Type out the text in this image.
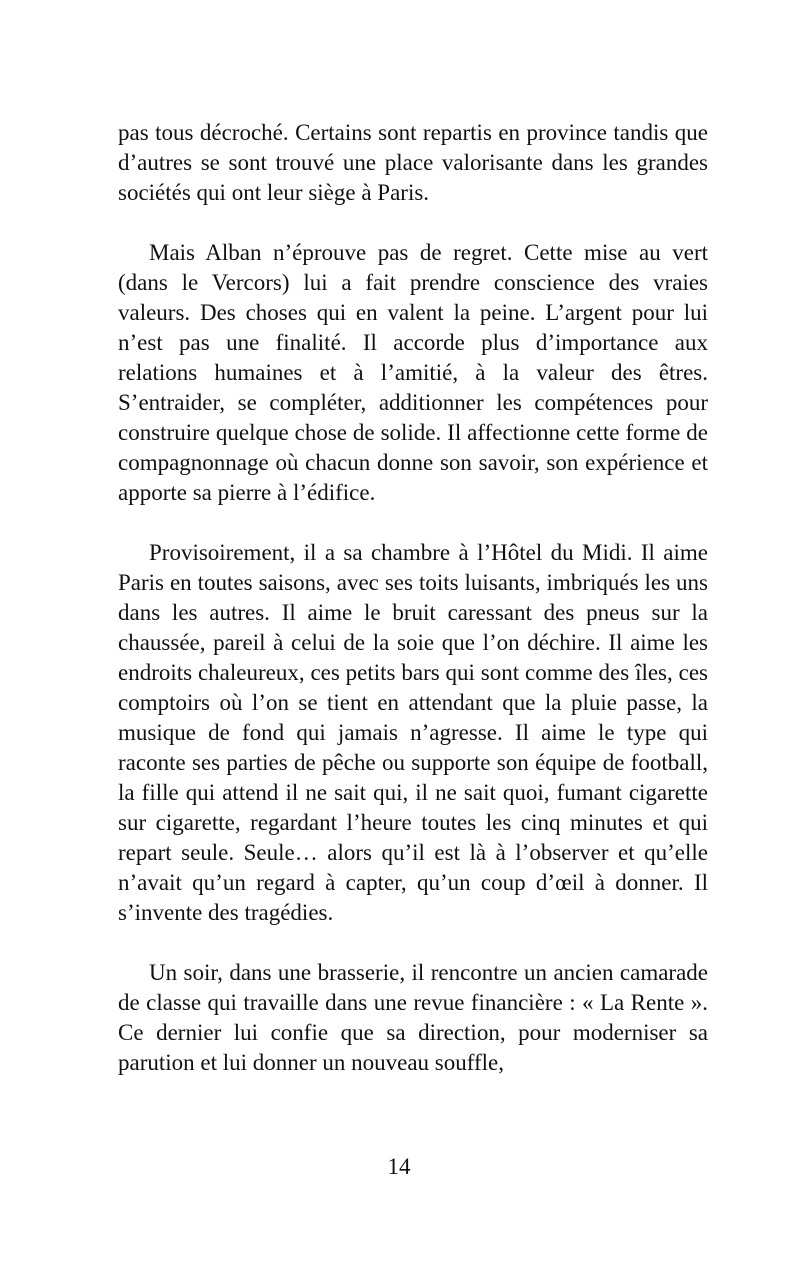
pas tous décroché. Certains sont repartis en province tandis que d’autres se sont trouvé une place valorisante dans les grandes sociétés qui ont leur siège à Paris.

Mais Alban n’éprouve pas de regret. Cette mise au vert (dans le Vercors) lui a fait prendre conscience des vraies valeurs. Des choses qui en valent la peine. L’argent pour lui n’est pas une finalité. Il accorde plus d’importance aux relations humaines et à l’amitié, à la valeur des êtres. S’entraider, se compléter, additionner les compétences pour construire quelque chose de solide. Il affectionne cette forme de compagnonnage où chacun donne son savoir, son expérience et apporte sa pierre à l’édifice.

Provisoirement, il a sa chambre à l’Hôtel du Midi. Il aime Paris en toutes saisons, avec ses toits luisants, imbriqués les uns dans les autres. Il aime le bruit caressant des pneus sur la chaussée, pareil à celui de la soie que l’on déchire. Il aime les endroits chaleureux, ces petits bars qui sont comme des îles, ces comptoirs où l’on se tient en attendant que la pluie passe, la musique de fond qui jamais n’agresse. Il aime le type qui raconte ses parties de pêche ou supporte son équipe de football, la fille qui attend il ne sait qui, il ne sait quoi, fumant cigarette sur cigarette, regardant l’heure toutes les cinq minutes et qui repart seule. Seule… alors qu’il est là à l’observer et qu’elle n’avait qu’un regard à capter, qu’un coup d’œil à donner. Il s’invente des tragédies.

Un soir, dans une brasserie, il rencontre un ancien camarade de classe qui travaille dans une revue financière : « La Rente ». Ce dernier lui confie que sa direction, pour moderniser sa parution et lui donner un nouveau souffle,

14
